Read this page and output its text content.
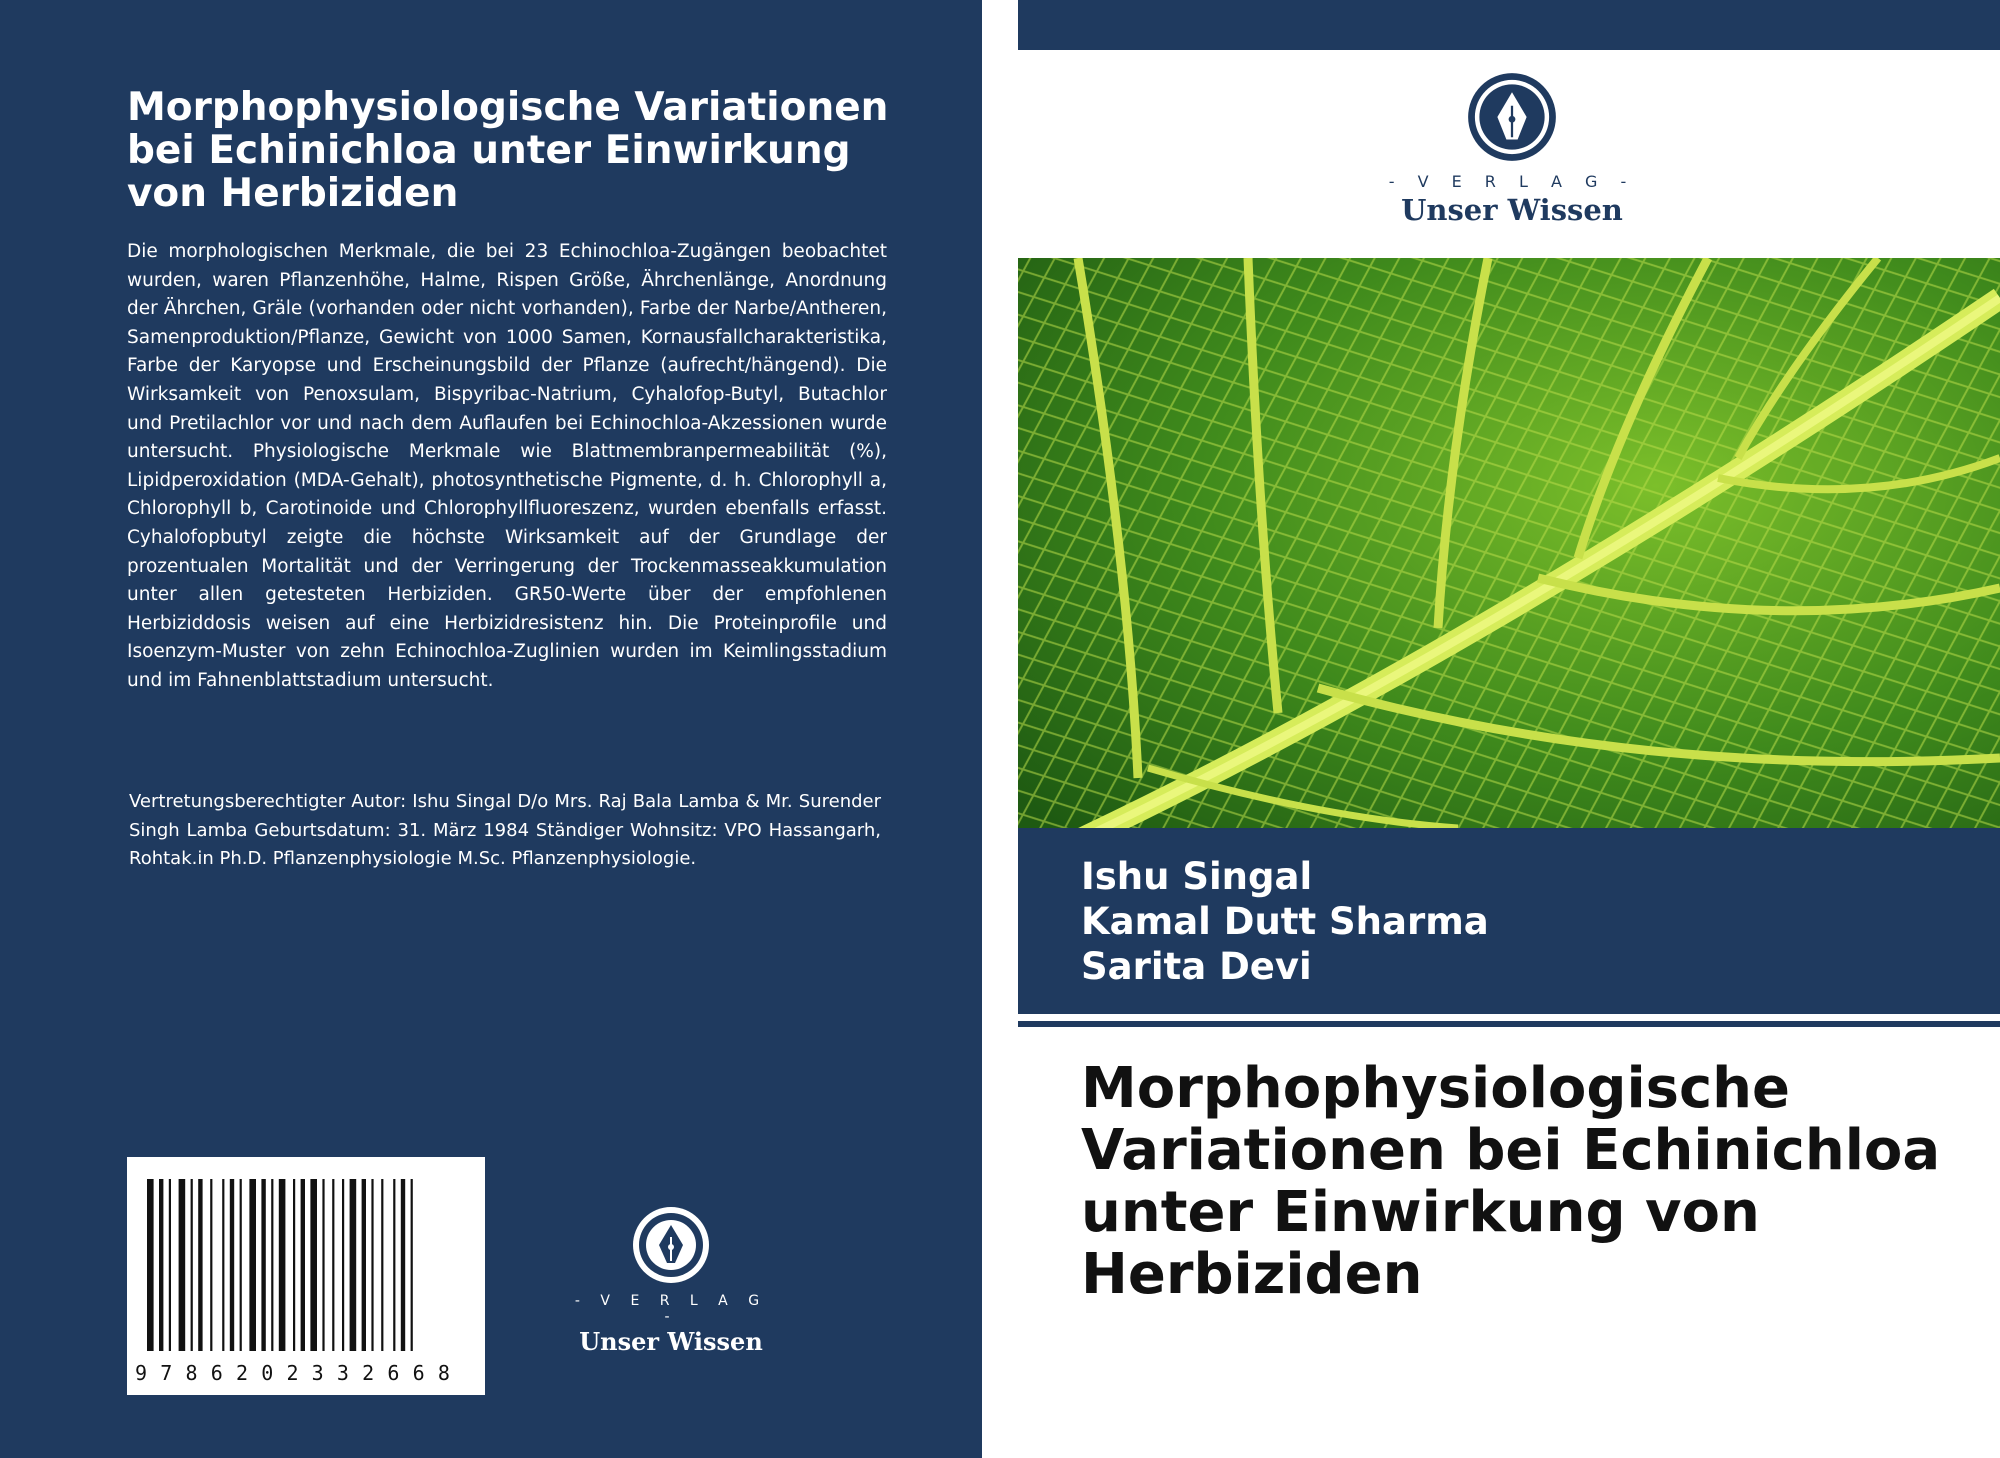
Morphophysiologische Variationen bei Echinichloa unter Einwirkung von Herbiziden
Die morphologischen Merkmale, die bei 23 Echinochloa-Zugängen beobachtet wurden, waren Pflanzenhöhe, Halme, Rispen Größe, Ährchenlänge, Anordnung der Ährchen, Gräle (vorhanden oder nicht vorhanden), Farbe der Narbe/Antheren, Samenproduktion/Pflanze, Gewicht von 1000 Samen, Kornausfallcharakteristika, Farbe der Karyopse und Erscheinungsbild der Pflanze (aufrecht/hängend). Die Wirksamkeit von Penoxsulam, Bispyribac-Natrium, Cyhalofop-Butyl, Butachlor und Pretilachlor vor und nach dem Auflaufen bei Echinochloa-Akzessionen wurde untersucht. Physiologische Merkmale wie Blattmembranpermeabilität (%), Lipidperoxidation (MDA-Gehalt), photosynthetische Pigmente, d. h. Chlorophyll a, Chlorophyll b, Carotinoide und Chlorophyllfluoreszenz, wurden ebenfalls erfasst. Cyhalofopbutyl zeigte die höchste Wirksamkeit auf der Grundlage der prozentualen Mortalität und der Verringerung der Trockenmasseakkumulation unter allen getesteten Herbiziden. GR50-Werte über der empfohlenen Herbiziddosis weisen auf eine Herbizidresistenz hin. Die Proteinprofile und Isoenzym-Muster von zehn Echinochloa-Zuglinien wurden im Keimlingsstadium und im Fahnenblattstadium untersucht.
Vertretungsberechtigter Autor: Ishu Singal D/o Mrs. Raj Bala Lamba & Mr. Surender Singh Lamba Geburtsdatum: 31. März 1984 Ständiger Wohnsitz: VPO Hassangarh, Rohtak.in Ph.D. Pflanzenphysiologie M.Sc. Pflanzenphysiologie.
9786202332668
- V E R L A G -
Unser Wissen
- V E R L A G -
Unser Wissen
Ishu Singal
Kamal Dutt Sharma
Sarita Devi
Morphophysiologische Variationen bei Echinichloa unter Einwirkung von Herbiziden
